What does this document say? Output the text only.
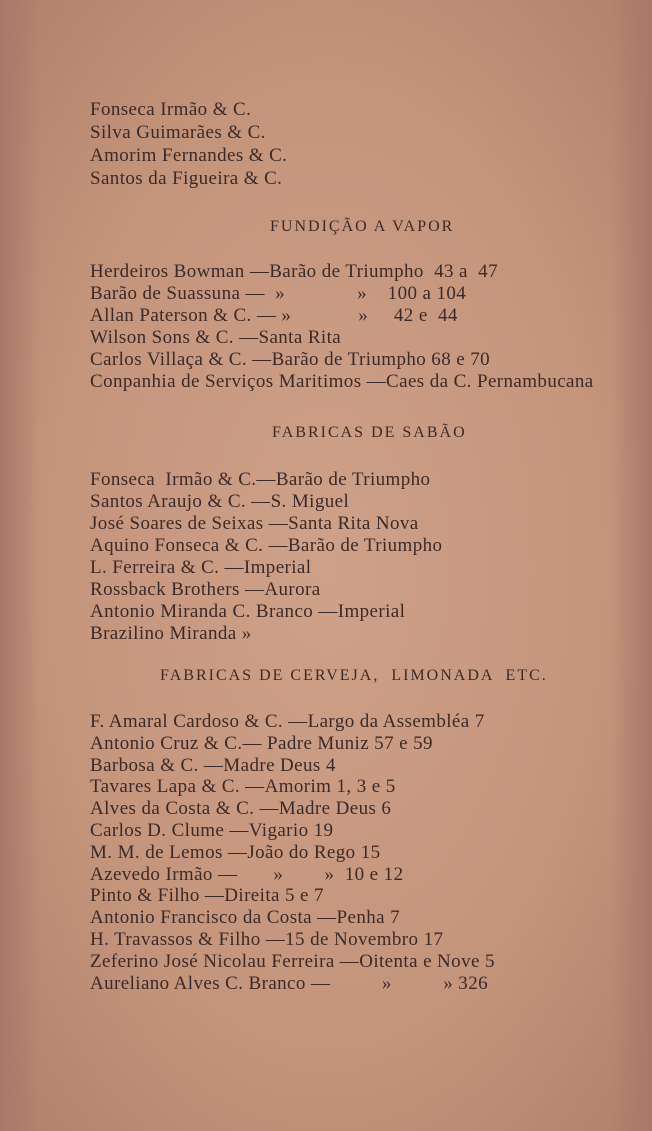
Fonseca Irmão & C.
Silva Guimarães & C.
Amorim Fernandes & C.
Santos da Figueira & C.
FUNDIÇÃO A VAPOR
Herdeiros Bowman —Barão de Triumpho  43 a  47
Barão de Suassuna —  »              »    100 a 104
Allan Paterson & C. — »             »     42 e  44
Wilson Sons & C. —Santa Rita
Carlos Villaça & C. —Barão de Triumpho 68 e 70
Conpanhia de Serviços Maritimos —Caes da C. Pernambucana
FABRICAS DE SABÃO
Fonseca  Irmão & C.—Barão de Triumpho
Santos Araujo & C. —S. Miguel
José Soares de Seixas —Santa Rita Nova
Aquino Fonseca & C. —Barão de Triumpho
L. Ferreira & C. —Imperial
Rossback Brothers —Aurora
Antonio Miranda C. Branco —Imperial
Brazilino Miranda »
FABRICAS DE CERVEJA,  LIMONADA  ETC.
F. Amaral Cardoso & C. —Largo da Assembléa 7
Antonio Cruz & C.— Padre Muniz 57 e 59
Barbosa & C. —Madre Deus 4
Tavares Lapa & C. —Amorim 1, 3 e 5
Alves da Costa & C. —Madre Deus 6
Carlos D. Clume —Vigario 19
M. M. de Lemos —João do Rego 15
Azevedo Irmão —       »        »  10 e 12
Pinto & Filho —Direita 5 e 7
Antonio Francisco da Costa —Penha 7
H. Travassos & Filho —15 de Novembro 17
Zeferino José Nicolau Ferreira —Oitenta e Nove 5
Aureliano Alves C. Branco —          »          » 326
